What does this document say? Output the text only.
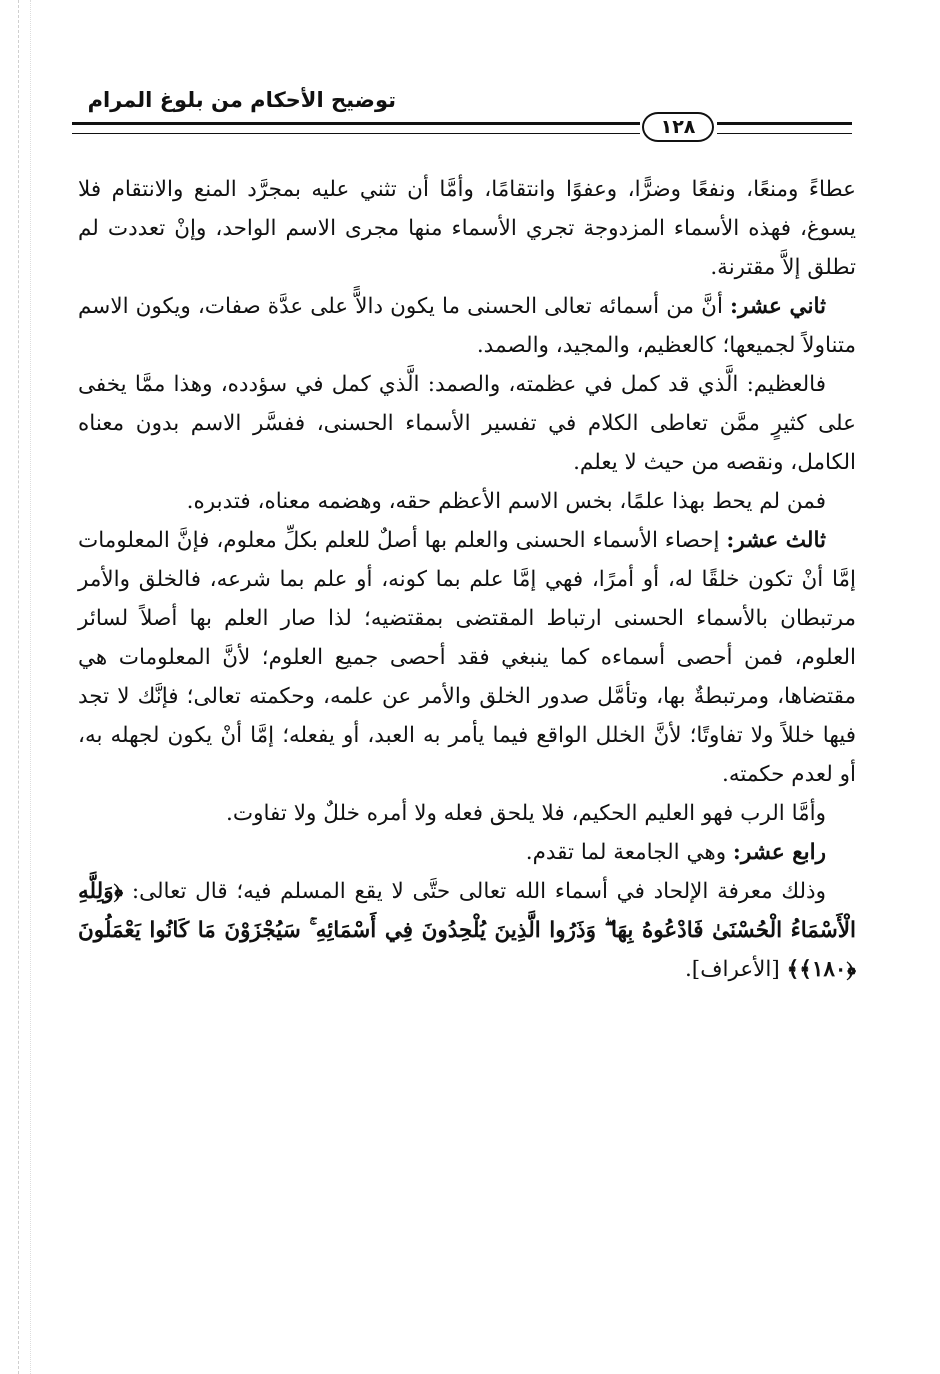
توضيح الأحكام من بلوغ المرام
١٢٨

عطاءً ومنعًا، ونفعًا وضرًّا، وعفوًا وانتقامًا، وأمَّا أن تثني عليه بمجرَّد المنع والانتقام فلا يسوغ، فهذه الأسماء المزدوجة تجري الأسماء منها مجرى الاسم الواحد، وإنْ تعددت لم تطلق إلاَّ مقترنة.

ثاني عشر: أنَّ من أسمائه تعالى الحسنى ما يكون دالاًّ على عدَّة صفات، ويكون الاسم متناولاً لجميعها؛ كالعظيم، والمجيد، والصمد.

فالعظيم: الَّذي قد كمل في عظمته، والصمد: الَّذي كمل في سؤدده، وهذا ممَّا يخفى على كثيرٍ ممَّن تعاطى الكلام في تفسير الأسماء الحسنى، ففسَّر الاسم بدون معناه الكامل، ونقصه من حيث لا يعلم.

فمن لم يحط بهذا علمًا، بخس الاسم الأعظم حقه، وهضمه معناه، فتدبره.

ثالث عشر: إحصاء الأسماء الحسنى والعلم بها أصلٌ للعلم بكلِّ معلوم، فإنَّ المعلومات إمَّا أنْ تكون خلقًا له، أو أمرًا، فهي إمَّا علم بما كونه، أو علم بما شرعه، فالخلق والأمر مرتبطان بالأسماء الحسنى ارتباط المقتضى بمقتضيه؛ لذا صار العلم بها أصلاً لسائر العلوم، فمن أحصى أسماءه كما ينبغي فقد أحصى جميع العلوم؛ لأنَّ المعلومات هي مقتضاها، ومرتبطةٌ بها، وتأمَّل صدور الخلق والأمر عن علمه، وحكمته تعالى؛ فإنَّك لا تجد فيها خللاً ولا تفاوتًا؛ لأنَّ الخلل الواقع فيما يأمر به العبد، أو يفعله؛ إمَّا أنْ يكون لجهله به، أو لعدم حكمته.

وأمَّا الرب فهو العليم الحكيم، فلا يلحق فعله ولا أمره خللٌ ولا تفاوت.

رابع عشر: وهي الجامعة لما تقدم.

وذلك معرفة الإلحاد في أسماء الله تعالى حتَّى لا يقع المسلم فيه؛ قال تعالى: ﴿وَلِلَّهِ الْأَسْمَاءُ الْحُسْنَىٰ فَادْعُوهُ بِهَا ۖ وَذَرُوا الَّذِينَ يُلْحِدُونَ فِي أَسْمَائِهِ ۚ سَيُجْزَوْنَ مَا كَانُوا يَعْمَلُونَ ﴿١٨٠﴾﴾ [الأعراف].
